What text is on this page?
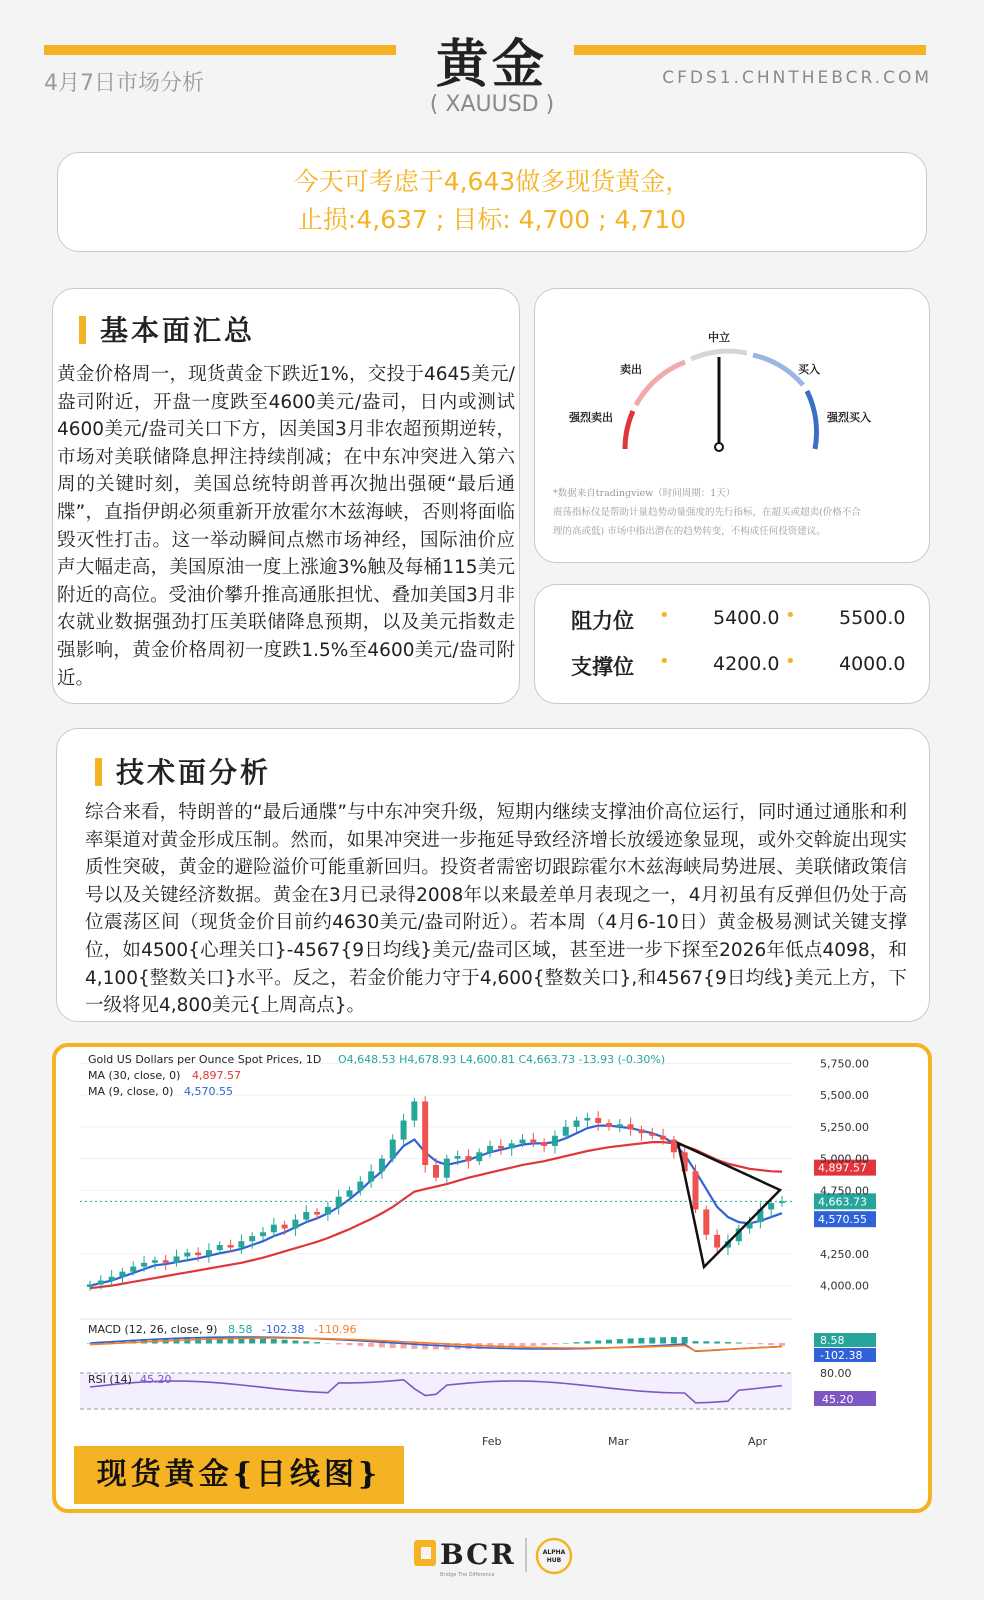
4月7日市场分析	黄金
( XAUUSD )
CFDS1.CHNTHEBCR.COM
今天可考虑于4,643做多现货黄金，
止损:4,637 ; 目标: 4,700 ; 4,710
基本面汇总
黄金价格周一，现货黄金下跌近1%，交投于4645美元/盎司附近，开盘一度跌至4600美元/盎司，日内或测试4600美元/盎司关口下方，因美国3月非农超预期逆转，市场对美联储降息押注持续削减；在中东冲突进入第六周的关键时刻，美国总统特朗普再次抛出强硬“最后通牒”，直指伊朗必须重新开放霍尔木兹海峡，否则将面临毁灭性打击。这一举动瞬间点燃市场神经，国际油价应声大幅走高，美国原油一度上涨逾3%触及每桶115美元附近的高位。受油价攀升推高通胀担忧、叠加美国3月非农就业数据强劲打压美联储降息预期，以及美元指数走强影响，黄金价格周初一度跌1.5%至4600美元/盎司附近。
中立
卖出	买入
强烈卖出	强烈买入
*数据来自tradingview（时间周期：1天）
震荡指标仪是帮助计量趋势动量强度的先行指标，在超买或超卖(价格不合
理的高或低) 市场中指出潜在的趋势转变，不构成任何投资建议。
阻力位 • 5400.0 • 5500.0
支撑位 • 4200.0 • 4000.0
技术面分析
综合来看，特朗普的“最后通牒”与中东冲突升级，短期内继续支撑油价高位运行，同时通过通胀和利率渠道对黄金形成压制。然而，如果冲突进一步拖延导致经济增长放缓迹象显现，或外交斡旋出现实质性突破，黄金的避险溢价可能重新回归。投资者需密切跟踪霍尔木兹海峡局势进展、美联储政策信号以及关键经济数据。黄金在3月已录得2008年以来最差单月表现之一，4月初虽有反弹但仍处于高位震荡区间（现货金价目前约4630美元/盎司附近）。若本周（4月6-10日）黄金极易测试关键支撑位，如4500{心理关口}-4567{9日均线}美元/盎司区域，甚至进一步下探至2026年低点4098，和4,100{整数关口}水平。反之，若金价能力守于4,600{整数关口},和4567{9日均线}美元上方，下一级将见4,800美元{上周高点}。
4,897.57
4,663.73
4,570.55
5,750.00
5,500.00
5,250.00
5,000.00
4,750.00
4,250.00
4,000.00
Feb	Mar	Apr
Gold US Dollars per Ounce Spot Prices, 1D O4,648.53 H4,678.93 L4,600.81 C4,663.73 -13.93 (-0.30%)
MA (30, close, 0) 4,897.57
MA (9, close, 0) 4,570.55
MACD (12, 26, close, 9) 8.58 -102.38 -110.96
8.58
-102.38
RSI (14) 45.20	80.00
45.20
现货黄金{日线图}
BCR
Bridge The Difference
ALPHA
HUB
